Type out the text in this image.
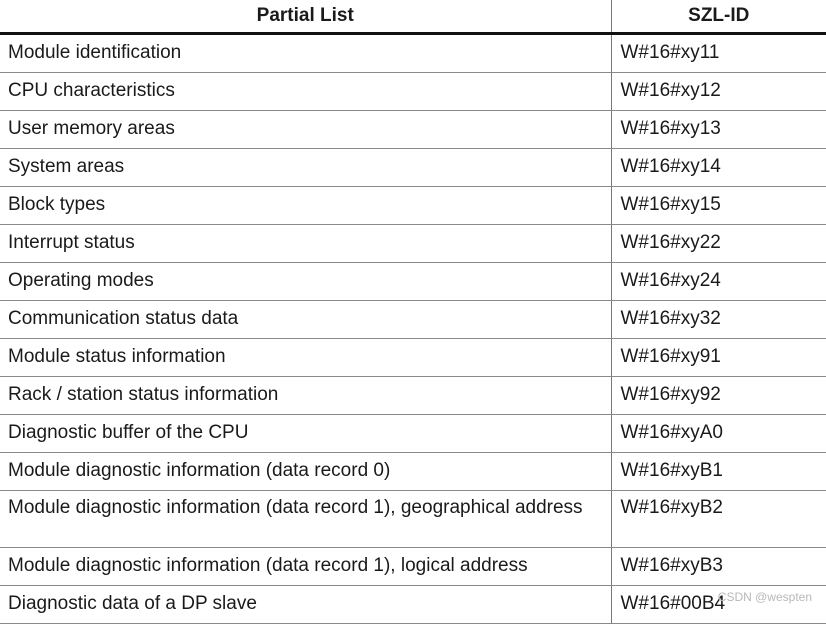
Partial List	SZL-ID
Module identification	W#16#xy11
CPU characteristics	W#16#xy12
User memory areas	W#16#xy13
System areas	W#16#xy14
Block types	W#16#xy15
Interrupt status	W#16#xy22
Operating modes	W#16#xy24
Communication status data	W#16#xy32
Module status information	W#16#xy91
Rack / station status information	W#16#xy92
Diagnostic buffer of the CPU	W#16#xyA0
Module diagnostic information (data record 0)	W#16#xyB1
Module diagnostic information (data record 1), geographical address	W#16#xyB2
Module diagnostic information (data record 1), logical address	W#16#xyB3
Diagnostic data of a DP slave	W#16#00B4
CSDN @wespten
